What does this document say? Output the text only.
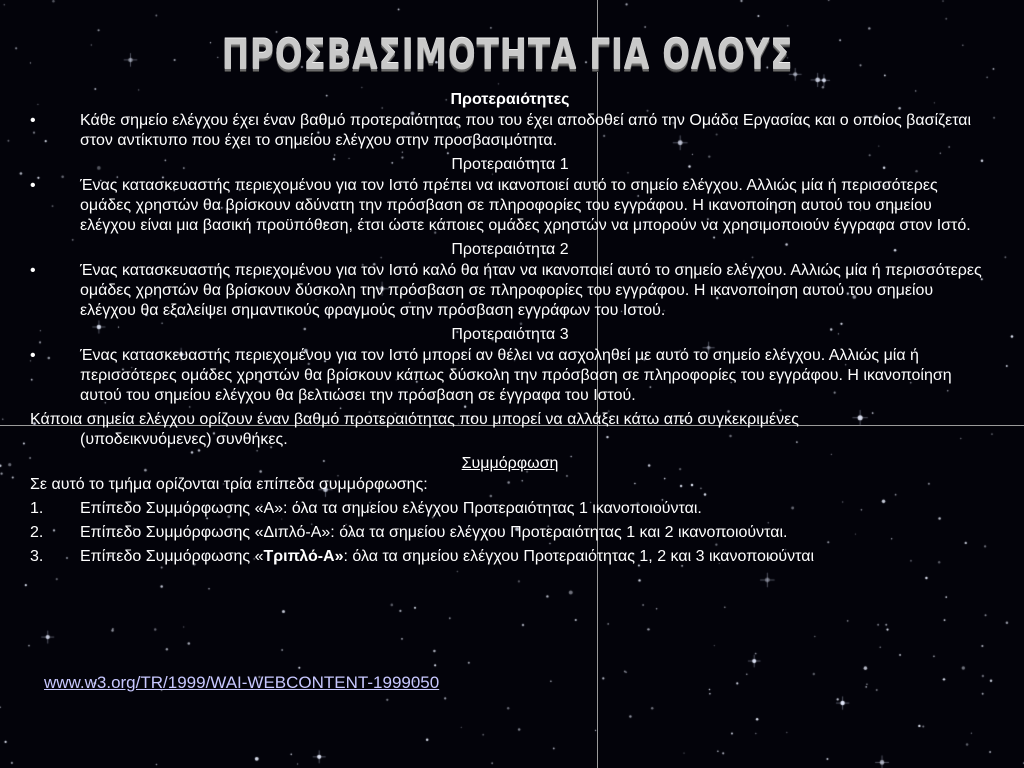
ΠΡΟΣΒΑΣΙΜΟΤΗΤΑ ΓΙΑ ΟΛΟΥΣ
Προτεραιότητες
•	Κάθε σημείο ελέγχου έχει έναν βαθμό προτεραιότητας που του έχει αποδοθεί από την Ομάδα Εργασίας και ο οποίος βασίζεται στον αντίκτυπο που έχει το σημείου ελέγχου στην προσβασιμότητα.
Προτεραιότητα 1
•	Ένας κατασκευαστής περιεχομένου για τον Ιστό πρέπει να ικανοποιεί αυτό το σημείο ελέγχου. Αλλιώς μία ή περισσότερες ομάδες χρηστών θα βρίσκουν αδύνατη την πρόσβαση σε πληροφορίες του εγγράφου. Η ικανοποίηση αυτού του σημείου ελέγχου είναι μια βασική προϋπόθεση, έτσι ώστε κάποιες ομάδες χρηστών να μπορούν να χρησιμοποιούν έγγραφα στον Ιστό.
Προτεραιότητα 2
•	Ένας κατασκευαστής περιεχομένου για τον Ιστό καλό θα ήταν να ικανοποιεί αυτό το σημείο ελέγχου. Αλλιώς μία ή περισσότερες ομάδες χρηστών θα βρίσκουν δύσκολη την πρόσβαση σε πληροφορίες του εγγράφου. Η ικανοποίηση αυτού του σημείου ελέγχου θα εξαλείψει σημαντικούς φραγμούς στην πρόσβαση εγγράφων του Ιστού.
Προτεραιότητα 3
•	Ένας κατασκευαστής περιεχομένου για τον Ιστό μπορεί αν θέλει να ασχοληθεί με αυτό το σημείο ελέγχου. Αλλιώς μία ή περισσότερες ομάδες χρηστών θα βρίσκουν κάπως δύσκολη την πρόσβαση σε πληροφορίες του εγγράφου. Η ικανοποίηση αυτού του σημείου ελέγχου θα βελτιώσει την πρόσβαση σε έγγραφα του Ιστού.
Κάποια σημεία ελέγχου ορίζουν έναν βαθμό προτεραιότητας που μπορεί να αλλάξει κάτω από συγκεκριμένες
(υποδεικνυόμενες) συνθήκες.
Συμμόρφωση
Σε αυτό το τμήμα ορίζονται τρία επίπεδα συμμόρφωσης:
1. Επίπεδο Συμμόρφωσης «Α»: όλα τα σημείου ελέγχου Προτεραιότητας 1 ικανοποιούνται.
2. Επίπεδο Συμμόρφωσης «Διπλό-Α»: όλα τα σημείου ελέγχου Προτεραιότητας 1 και 2 ικανοποιούνται.
3. Επίπεδο Συμμόρφωσης «Τριπλό-Α»: όλα τα σημείου ελέγχου Προτεραιότητας 1, 2 και 3 ικανοποιούνται
www.w3.org/TR/1999/WAI-WEBCONTENT-1999050
